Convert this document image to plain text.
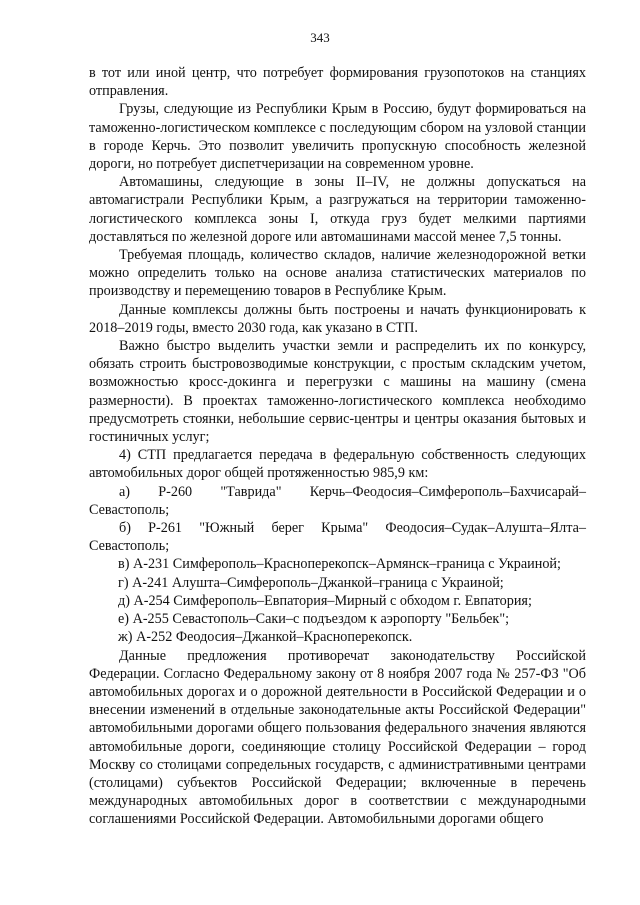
343

в тот или иной центр, что потребует формирования грузопотоков на станциях отправления.

Грузы, следующие из Республики Крым в Россию, будут формироваться на таможенно-логистическом комплексе с последующим сбором на узловой станции в городе Керчь. Это позволит увеличить пропускную способность железной дороги, но потребует диспетчеризации на современном уровне.

Автомашины, следующие в зоны II–IV, не должны допускаться на автомагистрали Республики Крым, а разгружаться на территории таможенно-логистического комплекса зоны I, откуда груз будет мелкими партиями доставляться по железной дороге или автомашинами массой менее 7,5 тонны.

Требуемая площадь, количество складов, наличие железнодорожной ветки можно определить только на основе анализа статистических материалов по производству и перемещению товаров в Республике Крым.

Данные комплексы должны быть построены и начать функционировать к 2018–2019 годы, вместо 2030 года, как указано в СТП.

Важно быстро выделить участки земли и распределить их по конкурсу, обязать строить быстровозводимые конструкции, с простым складским учетом, возможностью кросс-докинга и перегрузки с машины на машину (смена размерности). В проектах таможенно-логистического комплекса необходимо предусмотреть стоянки, небольшие сервис-центры и центры оказания бытовых и гостиничных услуг;

4) СТП предлагается передача в федеральную собственность следующих автомобильных дорог общей протяженностью 985,9 км:

а) Р-260 "Таврида" Керчь–Феодосия–Симферополь–Бахчисарай–Севастополь;

б) Р-261 "Южный берег Крыма" Феодосия–Судак–Алушта–Ялта–Севастополь;

в) А-231 Симферополь–Красноперекопск–Армянск–граница с Украиной;

г) А-241 Алушта–Симферополь–Джанкой–граница с Украиной;

д) А-254 Симферополь–Евпатория–Мирный с обходом г. Евпатория;

е) А-255 Севастополь–Саки–с подъездом к аэропорту "Бельбек";

ж) А-252 Феодосия–Джанкой–Красноперекопск.

Данные предложения противоречат законодательству Российской Федерации. Согласно Федеральному закону от 8 ноября 2007 года № 257-ФЗ "Об автомобильных дорогах и о дорожной деятельности в Российской Федерации и о внесении изменений в отдельные законодательные акты Российской Федерации" автомобильными дорогами общего пользования федерального значения являются автомобильные дороги, соединяющие столицу Российской Федерации – город Москву со столицами сопредельных государств, с административными центрами (столицами) субъектов Российской Федерации; включенные в перечень международных автомобильных дорог в соответствии с международными соглашениями Российской Федерации. Автомобильными дорогами общего
